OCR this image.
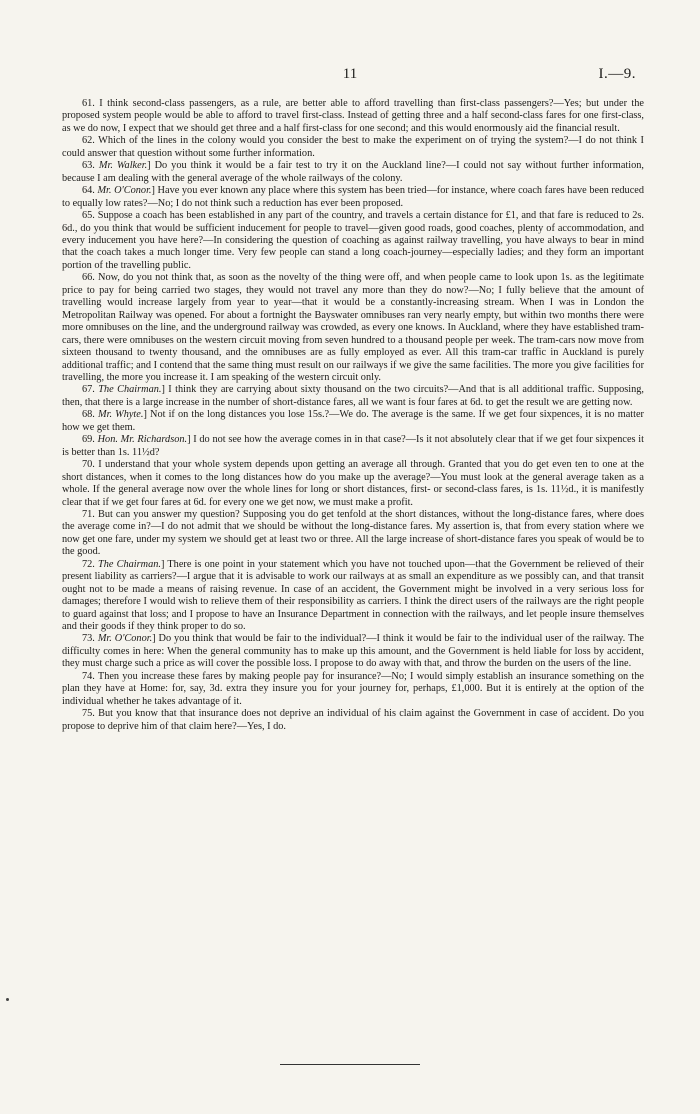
11	I.—9.

61. I think second-class passengers, as a rule, are better able to afford travelling than first-class passengers?—Yes; but under the proposed system people would be able to afford to travel first-class. Instead of getting three and a half second-class fares for one first-class, as we do now, I expect that we should get three and a half first-class for one second; and this would enormously aid the financial result.

62. Which of the lines in the colony would you consider the best to make the experiment on of trying the system?—I do not think I could answer that question without some further information.

63. Mr. Walker.] Do you think it would be a fair test to try it on the Auckland line?—I could not say without further information, because I am dealing with the general average of the whole railways of the colony.

64. Mr. O'Conor.] Have you ever known any place where this system has been tried—for instance, where coach fares have been reduced to equally low rates?—No; I do not think such a reduction has ever been proposed.

65. Suppose a coach has been established in any part of the country, and travels a certain distance for £1, and that fare is reduced to 2s. 6d., do you think that would be sufficient inducement for people to travel—given good roads, good coaches, plenty of accommodation, and every inducement you have here?—In considering the question of coaching as against railway travelling, you have always to bear in mind that the coach takes a much longer time. Very few people can stand a long coach-journey—especially ladies; and they form an important portion of the travelling public.

66. Now, do you not think that, as soon as the novelty of the thing were off, and when people came to look upon 1s. as the legitimate price to pay for being carried two stages, they would not travel any more than they do now?—No; I fully believe that the amount of travelling would increase largely from year to year—that it would be a constantly-increasing stream. When I was in London the Metropolitan Railway was opened. For about a fortnight the Bayswater omnibuses ran very nearly empty, but within two months there were more omnibuses on the line, and the underground railway was crowded, as every one knows. In Auckland, where they have established tram-cars, there were omnibuses on the western circuit moving from seven hundred to a thousand people per week. The tram-cars now move from sixteen thousand to twenty thousand, and the omnibuses are as fully employed as ever. All this tram-car traffic in Auckland is purely additional traffic; and I contend that the same thing must result on our railways if we give the same facilities. The more you give facilities for travelling, the more you increase it. I am speaking of the western circuit only.

67. The Chairman.] I think they are carrying about sixty thousand on the two circuits?—And that is all additional traffic. Supposing, then, that there is a large increase in the number of short-distance fares, all we want is four fares at 6d. to get the result we are getting now.

68. Mr. Whyte.] Not if on the long distances you lose 15s.?—We do. The average is the same. If we get four sixpences, it is no matter how we get them.

69. Hon. Mr. Richardson.] I do not see how the average comes in in that case?—Is it not absolutely clear that if we get four sixpences it is better than 1s. 11½d?

70. I understand that your whole system depends upon getting an average all through. Granted that you do get even ten to one at the short distances, when it comes to the long distances how do you make up the average?—You must look at the general average taken as a whole. If the general average now over the whole lines for long or short distances, first- or second-class fares, is 1s. 11½d., it is manifestly clear that if we get four fares at 6d. for every one we get now, we must make a profit.

71. But can you answer my question? Supposing you do get tenfold at the short distances, without the long-distance fares, where does the average come in?—I do not admit that we should be without the long-distance fares. My assertion is, that from every station where we now get one fare, under my system we should get at least two or three. All the large increase of short-distance fares you speak of would be to the good.

72. The Chairman.] There is one point in your statement which you have not touched upon—that the Government be relieved of their present liability as carriers?—I argue that it is advisable to work our railways at as small an expenditure as we possibly can, and that transit ought not to be made a means of raising revenue. In case of an accident, the Government might be involved in a very serious loss for damages; therefore I would wish to relieve them of their responsibility as carriers. I think the direct users of the railways are the right people to guard against that loss; and I propose to have an Insurance Department in connection with the railways, and let people insure themselves and their goods if they think proper to do so.

73. Mr. O'Conor.] Do you think that would be fair to the individual?—I think it would be fair to the individual user of the railway. The difficulty comes in here: When the general community has to make up this amount, and the Government is held liable for loss by accident, they must charge such a price as will cover the possible loss. I propose to do away with that, and throw the burden on the users of the line.

74. Then you increase these fares by making people pay for insurance?—No; I would simply establish an insurance something on the plan they have at Home: for, say, 3d. extra they insure you for your journey for, perhaps, £1,000. But it is entirely at the option of the individual whether he takes advantage of it.

75. But you know that that insurance does not deprive an individual of his claim against the Government in case of accident. Do you propose to deprive him of that claim here?—Yes, I do.
